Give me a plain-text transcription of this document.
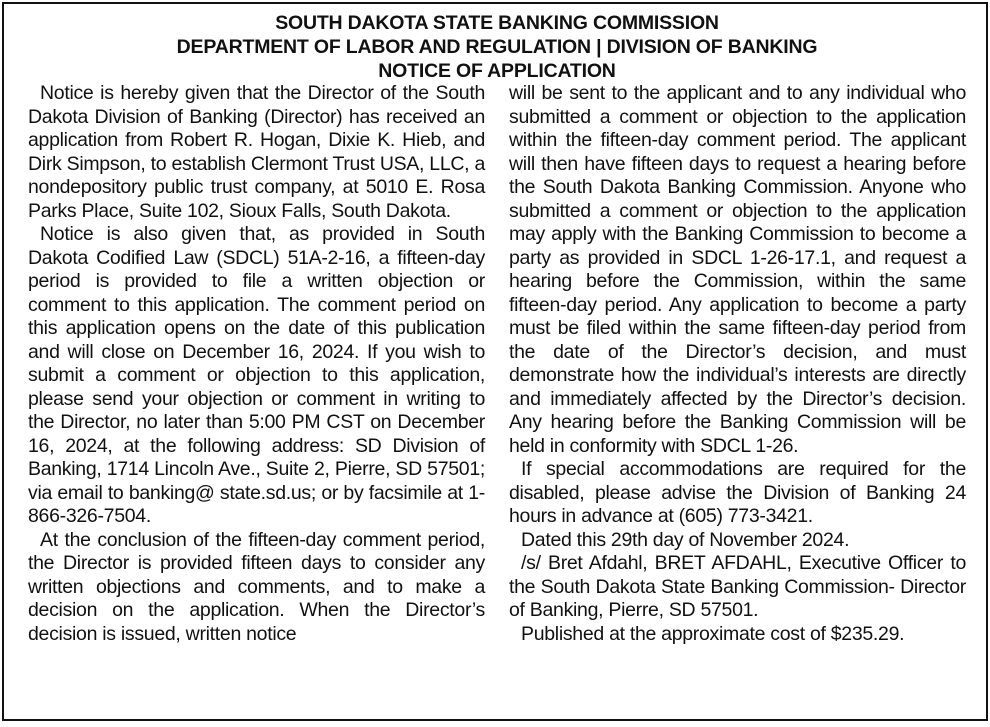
SOUTH DAKOTA STATE BANKING COMMISSION
DEPARTMENT OF LABOR AND REGULATION | DIVISION OF BANKING
NOTICE OF APPLICATION

Notice is hereby given that the Director of the South Dakota Division of Banking (Director) has received an application from Robert R. Hogan, Dixie K. Hieb, and Dirk Simpson, to establish Clermont Trust USA, LLC, a nondepository public trust company, at 5010 E. Rosa Parks Place, Suite 102, Sioux Falls, South Dakota.

Notice is also given that, as provided in South Dakota Codified Law (SDCL) 51A-2-16, a fifteen-day period is provided to file a written objection or comment to this application. The comment period on this application opens on the date of this publication and will close on December 16, 2024. If you wish to submit a comment or objection to this application, please send your objection or comment in writing to the Director, no later than 5:00 PM CST on December 16, 2024, at the following address: SD Division of Banking, 1714 Lincoln Ave., Suite 2, Pierre, SD 57501; via email to banking@ state.sd.us; or by facsimile at 1-866-326-7504.

At the conclusion of the fifteen-day comment period, the Director is provided fifteen days to consider any written objections and comments, and to make a decision on the application. When the Director’s decision is issued, written notice

will be sent to the applicant and to any individual who submitted a comment or objection to the application within the fifteen-day comment period. The applicant will then have fifteen days to request a hearing before the South Dakota Banking Commission. Anyone who submitted a comment or objection to the application may apply with the Banking Commission to become a party as provided in SDCL 1-26-17.1, and request a hearing before the Commission, within the same fifteen-day period. Any application to become a party must be filed within the same fifteen-day period from the date of the Director’s decision, and must demonstrate how the individual’s interests are directly and immediately affected by the Director’s decision. Any hearing before the Banking Commission will be held in conformity with SDCL 1-26.

If special accommodations are required for the disabled, please advise the Division of Banking 24 hours in advance at (605) 773-3421.

Dated this 29th day of November 2024.

/s/ Bret Afdahl, BRET AFDAHL, Executive Officer to the South Dakota State Banking Commission- Director of Banking, Pierre, SD 57501.

Published at the approximate cost of $235.29.
